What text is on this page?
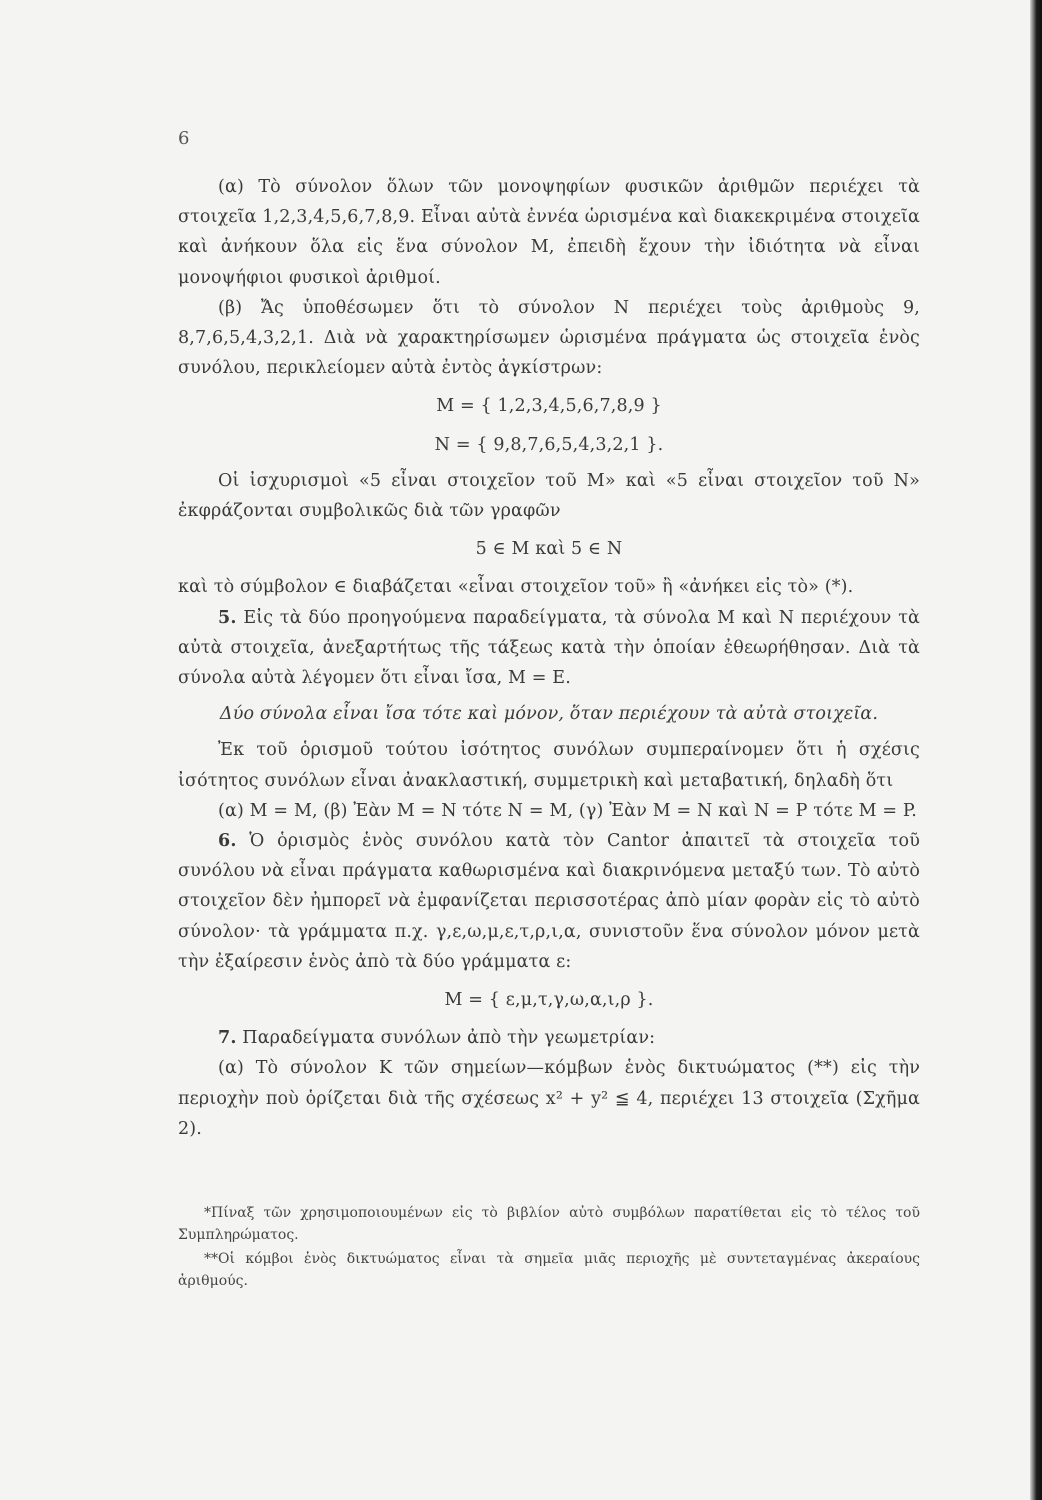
6

(α) Τὸ σύνολον ὅλων τῶν μονοψηφίων φυσικῶν ἀριθμῶν περιέχει τὰ στοιχεῖα 1,2,3,4,5,6,7,8,9. Εἶναι αὐτὰ ἐννέα ὡρισμένα καὶ διακεκριμένα στοιχεῖα καὶ ἀνήκουν ὅλα εἰς ἕνα σύνολον M, ἐπειδὴ ἔχουν τὴν ἰδιότητα νὰ εἶναι μονοψήφιοι φυσικοὶ ἀριθμοί.

(β) Ἄς ὑποθέσωμεν ὅτι τὸ σύνολον N περιέχει τοὺς ἀριθμοὺς 9, 8,7,6,5,4,3,2,1. Διὰ νὰ χαρακτηρίσωμεν ὡρισμένα πράγματα ὡς στοιχεῖα ἑνὸς συνόλου, περικλείομεν αὐτὰ ἐντὸς ἀγκίστρων:

M = { 1,2,3,4,5,6,7,8,9 }

N = { 9,8,7,6,5,4,3,2,1 }.

Οἱ ἰσχυρισμοὶ «5 εἶναι στοιχεῖον τοῦ M» καὶ «5 εἶναι στοιχεῖον τοῦ N» ἐκφράζονται συμβολικῶς διὰ τῶν γραφῶν

5 ∈ M καὶ 5 ∈ N

καὶ τὸ σύμβολον ∈ διαβάζεται «εἶναι στοιχεῖον τοῦ» ἢ «ἀνήκει εἰς τὸ» (*).

5. Εἰς τὰ δύο προηγούμενα παραδείγματα, τὰ σύνολα M καὶ N περιέχουν τὰ αὐτὰ στοιχεῖα, ἀνεξαρτήτως τῆς τάξεως κατὰ τὴν ὁποίαν ἐθεωρήθησαν. Διὰ τὰ σύνολα αὐτὰ λέγομεν ὅτι εἶναι ἴσα, M = E.

Δύο σύνολα εἶναι ἴσα τότε καὶ μόνον, ὅταν περιέχουν τὰ αὐτὰ στοιχεῖα.

Ἐκ τοῦ ὁρισμοῦ τούτου ἰσότητος συνόλων συμπεραίνομεν ὅτι ἡ σχέσις ἰσότητος συνόλων εἶναι ἀνακλαστική, συμμετρικὴ καὶ μεταβατική, δηλαδὴ ὅτι

(α) M = M, (β) Ἐὰν M = N τότε N = M, (γ) Ἐὰν M = N καὶ N = P τότε M = P.

6. Ὁ ὁρισμὸς ἑνὸς συνόλου κατὰ τὸν Cantor ἀπαιτεῖ τὰ στοιχεῖα τοῦ συνόλου νὰ εἶναι πράγματα καθωρισμένα καὶ διακρινόμενα μεταξύ των. Τὸ αὐτὸ στοιχεῖον δὲν ἠμπορεῖ νὰ ἐμφανίζεται περισσοτέρας ἀπὸ μίαν φορὰν εἰς τὸ αὐτὸ σύνολον· τὰ γράμματα π.χ. γ,ε,ω,μ,ε,τ,ρ,ι,α, συνιστοῦν ἕνα σύνολον μόνον μετὰ τὴν ἐξαίρεσιν ἑνὸς ἀπὸ τὰ δύο γράμματα ε:

M = { ε,μ,τ,γ,ω,α,ι,ρ }.

7. Παραδείγματα συνόλων ἀπὸ τὴν γεωμετρίαν:

(α) Τὸ σύνολον K τῶν σημείων—κόμβων ἑνὸς δικτυώματος (**) εἰς τὴν περιοχὴν ποὺ ὁρίζεται διὰ τῆς σχέσεως x² + y² ≦ 4, περιέχει 13 στοιχεῖα (Σχῆμα 2).

*Πίναξ τῶν χρησιμοποιουμένων εἰς τὸ βιβλίον αὐτὸ συμβόλων παρατίθεται εἰς τὸ τέλος τοῦ Συμπληρώματος.

**Οἱ κόμβοι ἑνὸς δικτυώματος εἶναι τὰ σημεῖα μιᾶς περιοχῆς μὲ συντεταγμένας ἀκεραίους ἀριθμούς.
